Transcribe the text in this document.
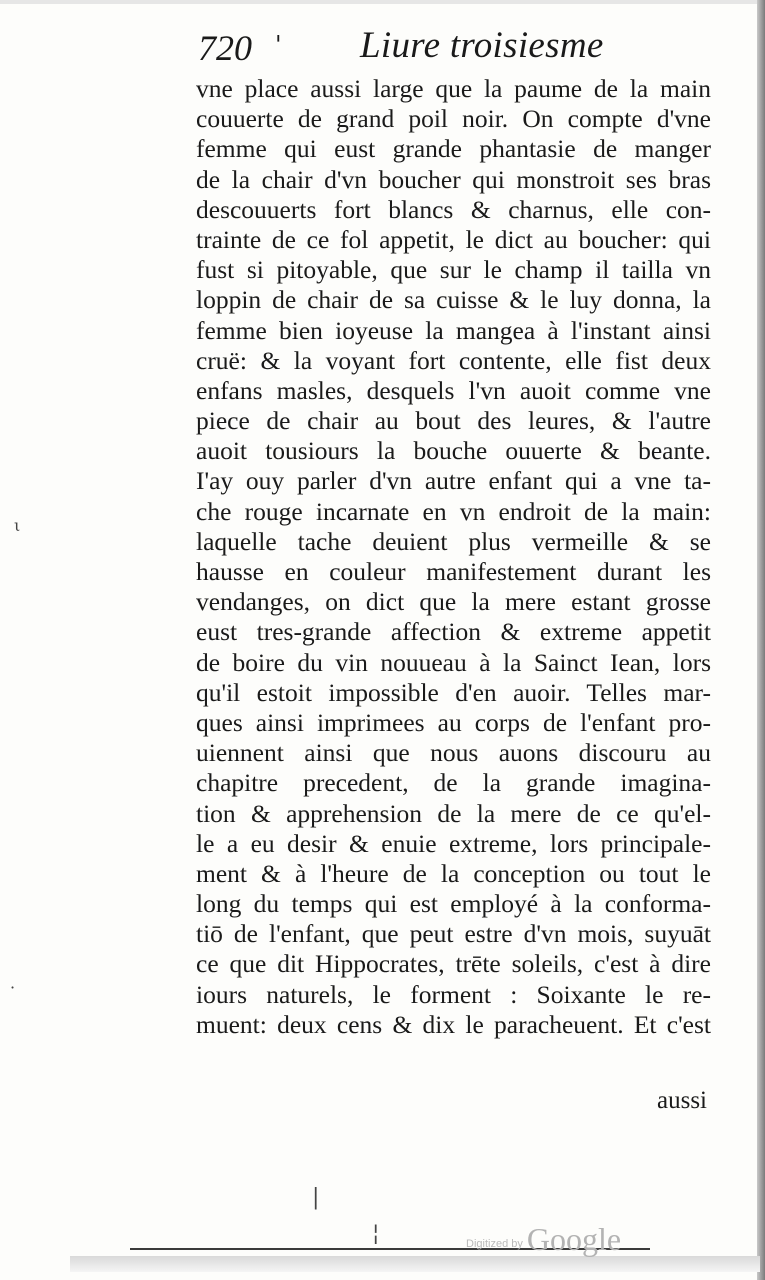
720 ' Liure troisiesme
vne place aussi large que la paume de la main
couuerte de grand poil noir. On compte d'vne
femme qui eust grande phantasie de manger
de la chair d'vn boucher qui monstroit ses bras
descouuerts fort blancs & charnus, elle con-
trainte de ce fol appetit, le dict au boucher: qui
fust si pitoyable, que sur le champ il tailla vn
loppin de chair de sa cuisse & le luy donna, la
femme bien ioyeuse la mangea à l'instant ainsi
cruë: & la voyant fort contente, elle fist deux
enfans masles, desquels l'vn auoit comme vne
piece de chair au bout des leures, & l'autre
auoit tousiours la bouche ouuerte & beante.
I'ay ouy parler d'vn autre enfant qui a vne ta-
che rouge incarnate en vn endroit de la main:
laquelle tache deuient plus vermeille & se
hausse en couleur manifestement durant les
vendanges, on dict que la mere estant grosse
eust tres-grande affection & extreme appetit
de boire du vin nouueau à la Sainct Iean, lors
qu'il estoit impossible d'en auoir. Telles mar-
ques ainsi imprimees au corps de l'enfant pro-
uiennent ainsi que nous auons discouru au
chapitre precedent, de la grande imagina-
tion & apprehension de la mere de ce qu'el-
le a eu desir & enuie extreme, lors principale-
ment & à l'heure de la conception ou tout le
long du temps qui est employé à la conforma-
tiō de l'enfant, que peut estre d'vn mois, suyuāt
ce que dit Hippocrates, trēte soleils, c'est à dire
iours naturels, le forment : Soixante le re-
muent: deux cens & dix le paracheuent. Et c'est
aussi
ι
·
|
¦	Digitized by Google
